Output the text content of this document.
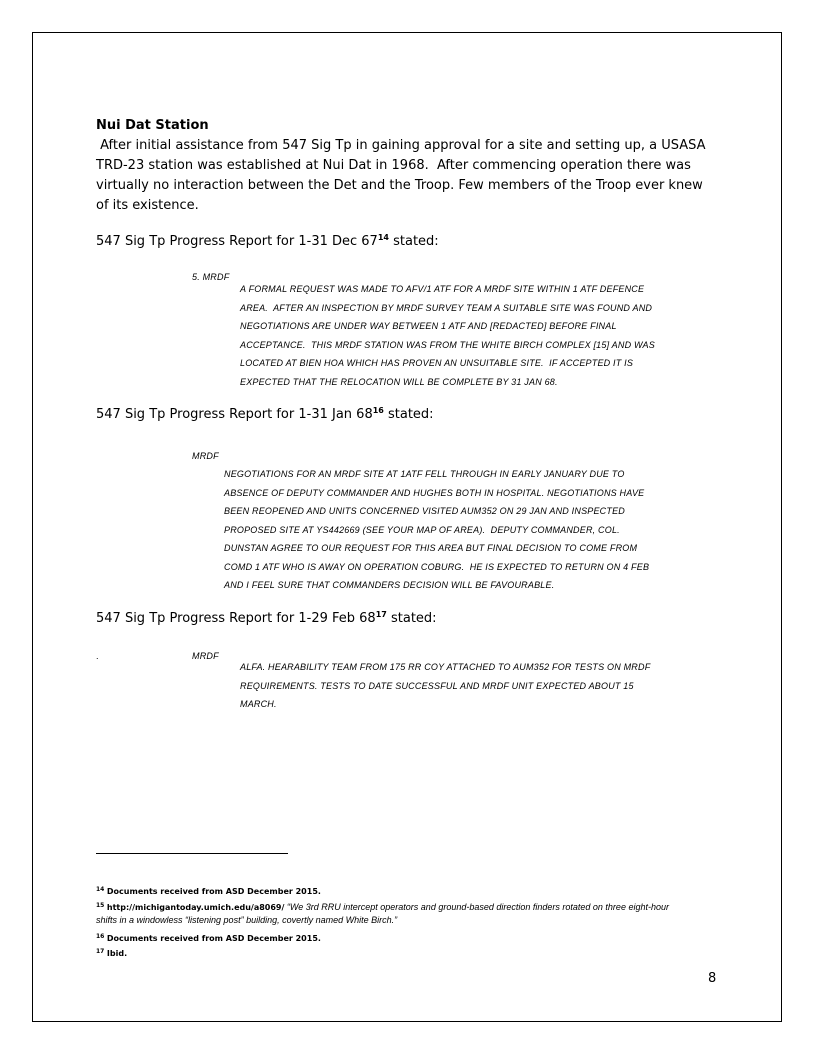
Nui Dat Station
After initial assistance from 547 Sig Tp in gaining approval for a site and setting up, a USASA
TRD-23 station was established at Nui Dat in 1968.  After commencing operation there was
virtually no interaction between the Det and the Troop. Few members of the Troop ever knew
of its existence.
547 Sig Tp Progress Report for 1-31 Dec $67^{14}$ stated:
5. MRDF
A FORMAL REQUEST WAS MADE TO AFV/1 ATF FOR A MRDF SITE WITHIN 1 ATF DEFENCE
AREA.  AFTER AN INSPECTION BY MRDF SURVEY TEAM A SUITABLE SITE WAS FOUND AND
NEGOTIATIONS ARE UNDER WAY BETWEEN 1 ATF AND [REDACTED] BEFORE FINAL
ACCEPTANCE.  THIS MRDF STATION WAS FROM THE WHITE BIRCH COMPLEX [15] AND WAS
LOCATED AT BIEN HOA WHICH HAS PROVEN AN UNSUITABLE SITE.  IF ACCEPTED IT IS
EXPECTED THAT THE RELOCATION WILL BE COMPLETE BY 31 JAN 68.
547 Sig Tp Progress Report for 1-31 Jan $68^{16}$ stated:
MRDF
NEGOTIATIONS FOR AN MRDF SITE AT 1ATF FELL THROUGH IN EARLY JANUARY DUE TO
ABSENCE OF DEPUTY COMMANDER AND HUGHES BOTH IN HOSPITAL. NEGOTIATIONS HAVE
BEEN REOPENED AND UNITS CONCERNED VISITED AUM352 ON 29 JAN AND INSPECTED
PROPOSED SITE AT YS442669 (SEE YOUR MAP OF AREA).  DEPUTY COMMANDER, COL.
DUNSTAN AGREE TO OUR REQUEST FOR THIS AREA BUT FINAL DECISION TO COME FROM
COMD 1 ATF WHO IS AWAY ON OPERATION COBURG.  HE IS EXPECTED TO RETURN ON 4 FEB
AND I FEEL SURE THAT COMMANDERS DECISION WILL BE FAVOURABLE.
547 Sig Tp Progress Report for 1-29 Feb $68^{17}$ stated:
.	MRDF
ALFA. HEARABILITY TEAM FROM 175 RR COY ATTACHED TO AUM352 FOR TESTS ON MRDF
REQUIREMENTS. TESTS TO DATE SUCCESSFUL AND MRDF UNIT EXPECTED ABOUT 15
MARCH.
$^{14}$ Documents received from ASD December 2015.
$^{15}$ http://michigantoday.umich.edu/a8069/ “We 3rd RRU intercept operators and ground-based direction finders rotated on three eight-hour
shifts in a windowless “listening post” building, covertly named White Birch.”
$^{16}$ Documents received from ASD December 2015.
$^{17}$ Ibid.
8
